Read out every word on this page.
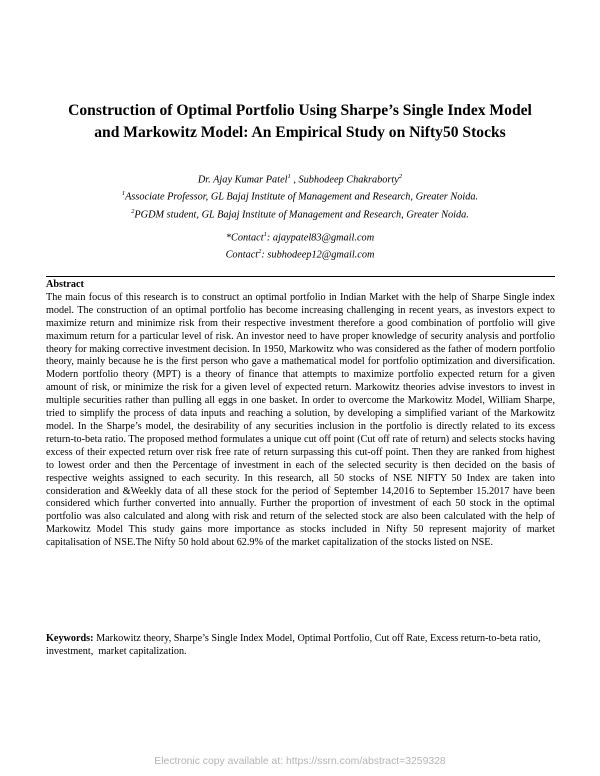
Construction of Optimal Portfolio Using Sharpe’s Single Index Model
and Markowitz Model: An Empirical Study on Nifty50 Stocks
Dr. Ajay Kumar Patel$^1$ , Subhodeep Chakraborty$^2$
$^1$Associate Professor, GL Bajaj Institute of Management and Research, Greater Noida.
$^2$PGDM student, GL Bajaj Institute of Management and Research, Greater Noida.
*Contact$^1$: ajaypatel83@gmail.com
Contact$^2$: subhodeep12@gmail.com
Abstract

The main focus of this research is to construct an optimal portfolio in Indian Market with the help of Sharpe Single index model. The construction of an optimal portfolio has become increasing challenging in recent years, as investors expect to maximize return and minimize risk from their respective investment therefore a good combination of portfolio will give maximum return for a particular level of risk. An investor need to have proper knowledge of security analysis and portfolio theory for making corrective investment decision. In 1950, Markowitz who was considered as the father of modern portfolio theory, mainly because he is the first person who gave a mathematical model for portfolio optimization and diversification. Modern portfolio theory (MPT) is a theory of finance that attempts to maximize portfolio expected return for a given amount of risk, or minimize the risk for a given level of expected return. Markowitz theories advise investors to invest in multiple securities rather than pulling all eggs in one basket. In order to overcome the Markowitz Model, William Sharpe, tried to simplify the process of data inputs and reaching a solution, by developing a simplified variant of the Markowitz model. In the Sharpe’s model, the desirability of any securities inclusion in the portfolio is directly related to its excess return-to-beta ratio. The proposed method formulates a unique cut off point (Cut off rate of return) and selects stocks having excess of their expected return over risk free rate of return surpassing this cut-off point. Then they are ranked from highest to lowest order and then the Percentage of investment in each of the selected security is then decided on the basis of respective weights assigned to each security. In this research, all 50 stocks of NSE NIFTY 50 Index are taken into consideration and &Weekly data of all these stock for the period of September 14,2016 to September 15.2017 have been considered which further converted into annually. Further the proportion of investment of each 50 stock in the optimal portfolio was also calculated and along with risk and return of the selected stock are also been calculated with the help of Markowitz Model This study gains more importance as stocks included in Nifty 50 represent majority of market capitalisation of NSE.The Nifty 50 hold about 62.9% of the market capitalization of the stocks listed on NSE.

Keywords: Markowitz theory, Sharpe’s Single Index Model, Optimal Portfolio, Cut off Rate, Excess return-to-beta ratio, investment,  market capitalization.
Electronic copy available at: https://ssrn.com/abstract=3259328
